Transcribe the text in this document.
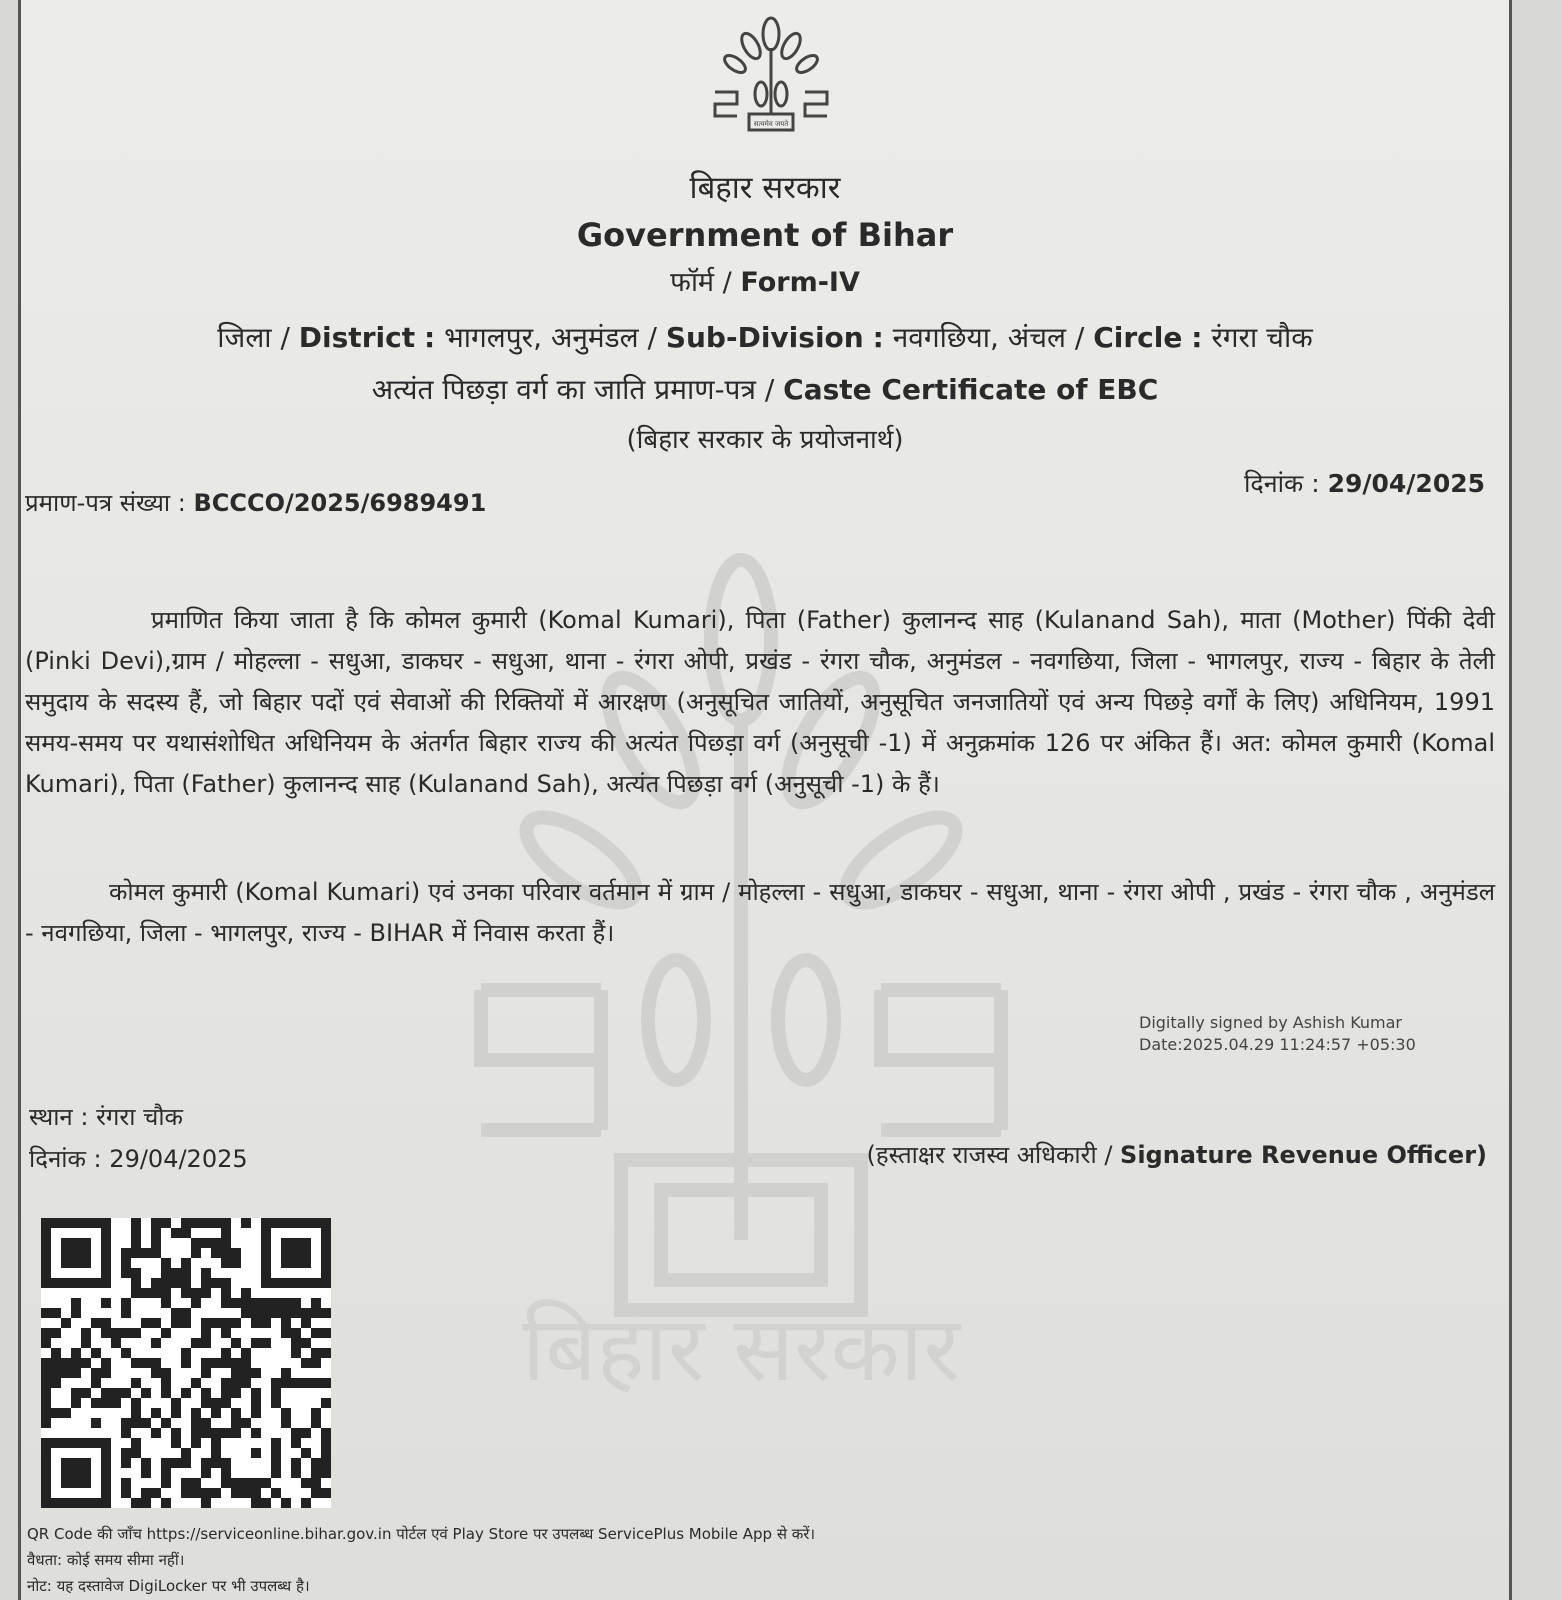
बिहार सरकार
सत्यमेव जयते
बिहार सरकार
Government of Bihar
फॉर्म / Form-IV
जिला / District : भागलपुर, अनुमंडल / Sub-Division : नवगछिया, अंचल / Circle : रंगरा चौक
अत्यंत पिछड़ा वर्ग का जाति प्रमाण-पत्र / Caste Certificate of EBC
(बिहार सरकार के प्रयोजनार्थ)
प्रमाण-पत्र संख्या : BCCCO/2025/6989491
दिनांक : 29/04/2025

प्रमाणित किया जाता है कि कोमल कुमारी (Komal Kumari), पिता (Father) कुलानन्द साह (Kulanand Sah), माता (Mother) पिंकी देवी (Pinki Devi),ग्राम / मोहल्ला - सधुआ, डाकघर - सधुआ, थाना - रंगरा ओपी, प्रखंड - रंगरा चौक, अनुमंडल - नवगछिया, जिला - भागलपुर, राज्य - बिहार के तेली समुदाय के सदस्य हैं, जो बिहार पदों एवं सेवाओं की रिक्तियों में आरक्षण (अनुसूचित जातियों, अनुसूचित जनजातियों एवं अन्य पिछड़े वर्गों के लिए) अधिनियम, 1991 समय-समय पर यथासंशोधित अधिनियम के अंतर्गत बिहार राज्य की अत्यंत पिछड़ा वर्ग (अनुसूची -1) में अनुक्रमांक 126 पर अंकित हैं। अत: कोमल कुमारी (Komal Kumari), पिता (Father) कुलानन्द साह (Kulanand Sah), अत्यंत पिछड़ा वर्ग (अनुसूची -1) के हैं।

कोमल कुमारी (Komal Kumari) एवं उनका परिवार वर्तमान में ग्राम / मोहल्ला - सधुआ, डाकघर - सधुआ, थाना - रंगरा ओपी , प्रखंड - रंगरा चौक , अनुमंडल - नवगछिया, जिला - भागलपुर, राज्य - BIHAR में निवास करता हैं।

Digitally signed by Ashish Kumar
Date:2025.04.29 11:24:57 +05:30
स्थान : रंगरा चौक
दिनांक : 29/04/2025	(हस्ताक्षर राजस्व अधिकारी / Signature Revenue Officer)
QR Code की जाँच https://serviceonline.bihar.gov.in पोर्टल एवं Play Store पर उपलब्ध ServicePlus Mobile App से करें।
वैधता: कोई समय सीमा नहीं।
नोट: यह दस्तावेज DigiLocker पर भी उपलब्ध है।
